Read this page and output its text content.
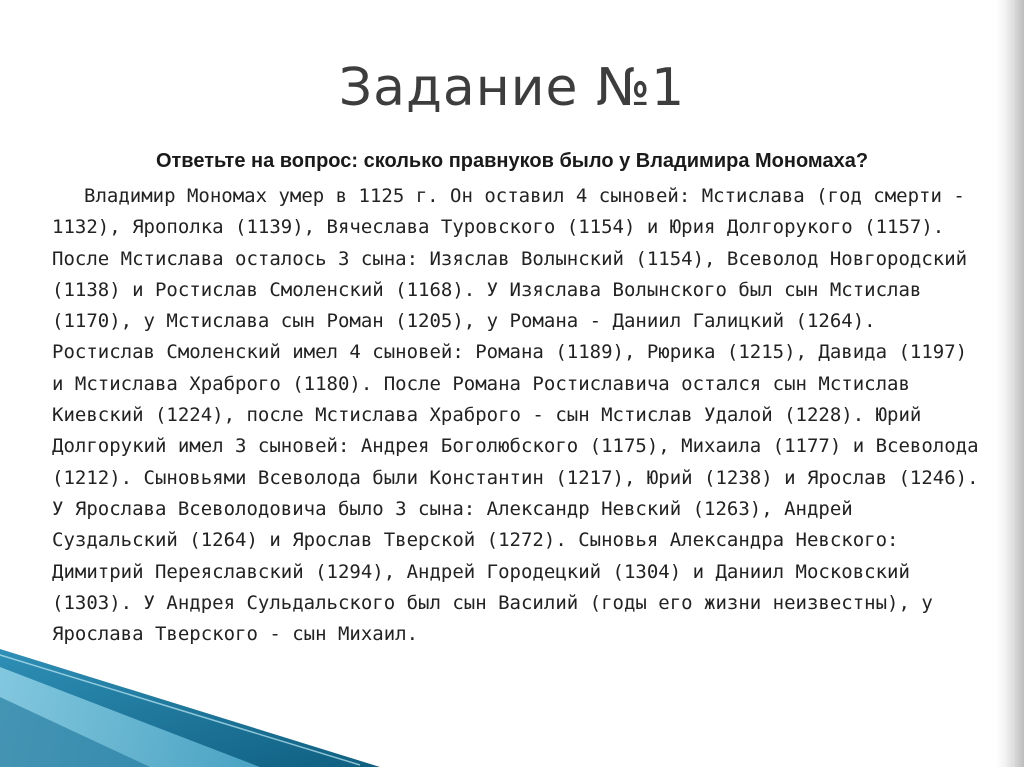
Задание №1
Ответьте на вопрос: сколько правнуков было у Владимира Мономаха?
Владимир Мономах умер в 1125 г. Он оставил 4 сыновей: Мстислава (год смерти - 1132), Ярополка (1139), Вячеслава Туровского (1154) и Юрия Долгорукого (1157). После Мстислава осталось 3 сына: Изяслав Волынский (1154), Всеволод Новгородский (1138) и Ростислав Смоленский (1168). У Изяслава Волынского был сын Мстислав (1170), у Мстислава сын Роман (1205), у Романа - Даниил Галицкий (1264). Ростислав Смоленский имел 4 сыновей: Романа (1189), Рюрика (1215), Давида (1197) и Мстислава Храброго (1180). После Романа Ростиславича остался сын Мстислав Киевский (1224), после Мстислава Храброго - сын Мстислав Удалой (1228). Юрий Долгорукий имел 3 сыновей: Андрея Боголюбского (1175), Михаила (1177) и Всеволода (1212). Сыновьями Всеволода были Константин (1217), Юрий (1238) и Ярослав (1246). У Ярослава Всеволодовича было 3 сына: Александр Невский (1263), Андрей Суздальский (1264) и Ярослав Тверской (1272). Сыновья Александра Невского: Димитрий Переяславский (1294), Андрей Городецкий (1304) и Даниил Московский (1303). У Андрея Сульдальского был сын Василий (годы его жизни неизвестны), у Ярослава Тверского - сын Михаил.
